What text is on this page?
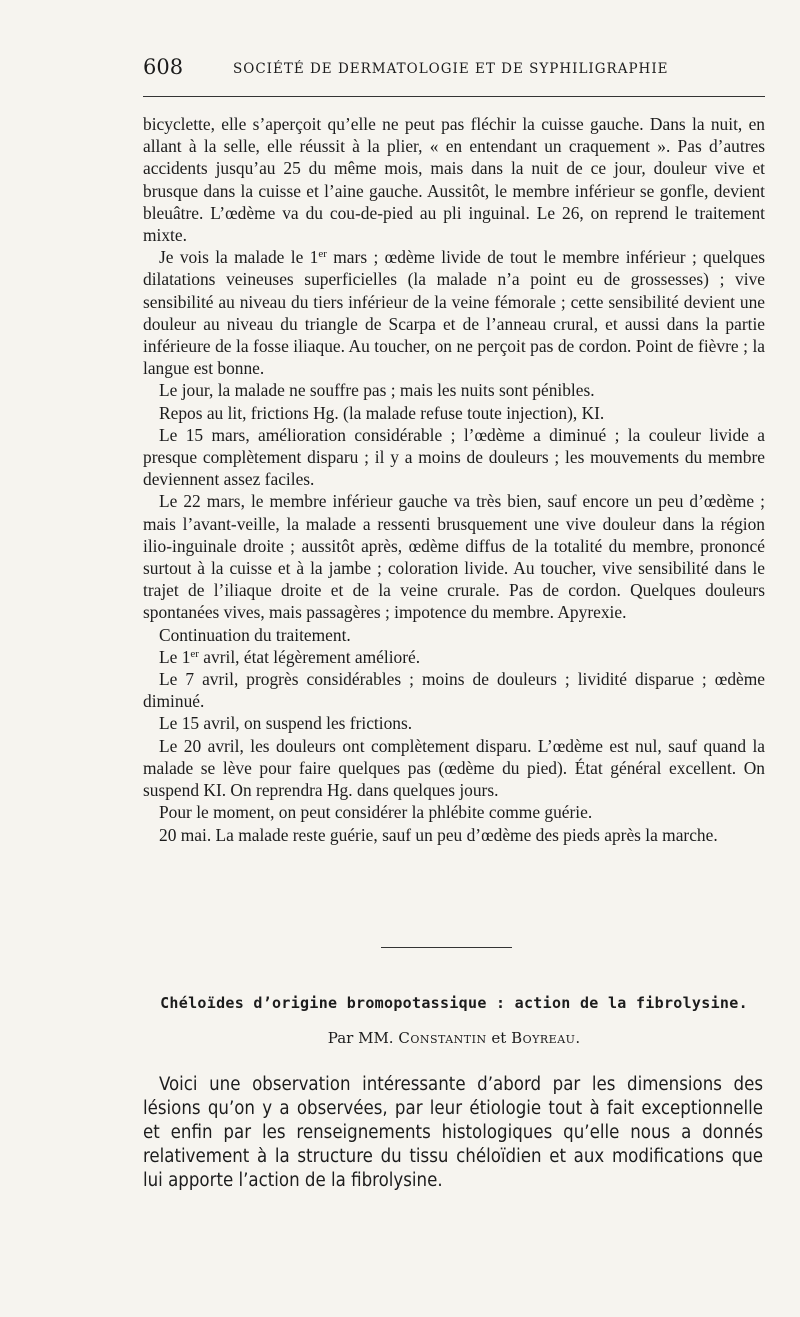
608	SOCIÉTÉ DE DERMATOLOGIE ET DE SYPHILIGRAPHIE

bicyclette, elle s’aperçoit qu’elle ne peut pas fléchir la cuisse gauche. Dans la nuit, en allant à la selle, elle réussit à la plier, « en entendant un craquement ». Pas d’autres accidents jusqu’au 25 du même mois, mais dans la nuit de ce jour, douleur vive et brusque dans la cuisse et l’aine gauche. Aussitôt, le membre inférieur se gonfle, devient bleuâtre. L’œdème va du cou-de-pied au pli inguinal. Le 26, on reprend le traitement mixte.

Je vois la malade le 1er mars ; œdème livide de tout le membre inférieur ; quelques dilatations veineuses superficielles (la malade n’a point eu de grossesses) ; vive sensibilité au niveau du tiers inférieur de la veine fémorale ; cette sensibilité devient une douleur au niveau du triangle de Scarpa et de l’anneau crural, et aussi dans la partie inférieure de la fosse iliaque. Au toucher, on ne perçoit pas de cordon. Point de fièvre ; la langue est bonne.

Le jour, la malade ne souffre pas ; mais les nuits sont pénibles.

Repos au lit, frictions Hg. (la malade refuse toute injection), KI.

Le 15 mars, amélioration considérable ; l’œdème a diminué ; la couleur livide a presque complètement disparu ; il y a moins de douleurs ; les mouvements du membre deviennent assez faciles.

Le 22 mars, le membre inférieur gauche va très bien, sauf encore un peu d’œdème ; mais l’avant-veille, la malade a ressenti brusquement une vive douleur dans la région ilio-inguinale droite ; aussitôt après, œdème diffus de la totalité du membre, prononcé surtout à la cuisse et à la jambe ; coloration livide. Au toucher, vive sensibilité dans le trajet de l’iliaque droite et de la veine crurale. Pas de cordon. Quelques douleurs spontanées vives, mais passagères ; impotence du membre. Apyrexie.

Continuation du traitement.

Le 1er avril, état légèrement amélioré.

Le 7 avril, progrès considérables ; moins de douleurs ; lividité disparue ; œdème diminué.

Le 15 avril, on suspend les frictions.

Le 20 avril, les douleurs ont complètement disparu. L’œdème est nul, sauf quand la malade se lève pour faire quelques pas (œdème du pied). État général excellent. On suspend KI. On reprendra Hg. dans quelques jours.

Pour le moment, on peut considérer la phlébite comme guérie.

20 mai. La malade reste guérie, sauf un peu d’œdème des pieds après la marche.

Chéloïdes d’origine bromopotassique : action de la fibrolysine.
Par MM. Constantin et Boyreau.

Voici une observation intéressante d’abord par les dimensions des lésions qu’on y a observées, par leur étiologie tout à fait exceptionnelle et enfin par les renseignements histologiques qu’elle nous a donnés relativement à la structure du tissu chéloïdien et aux modifications que lui apporte l’action de la fibrolysine.
